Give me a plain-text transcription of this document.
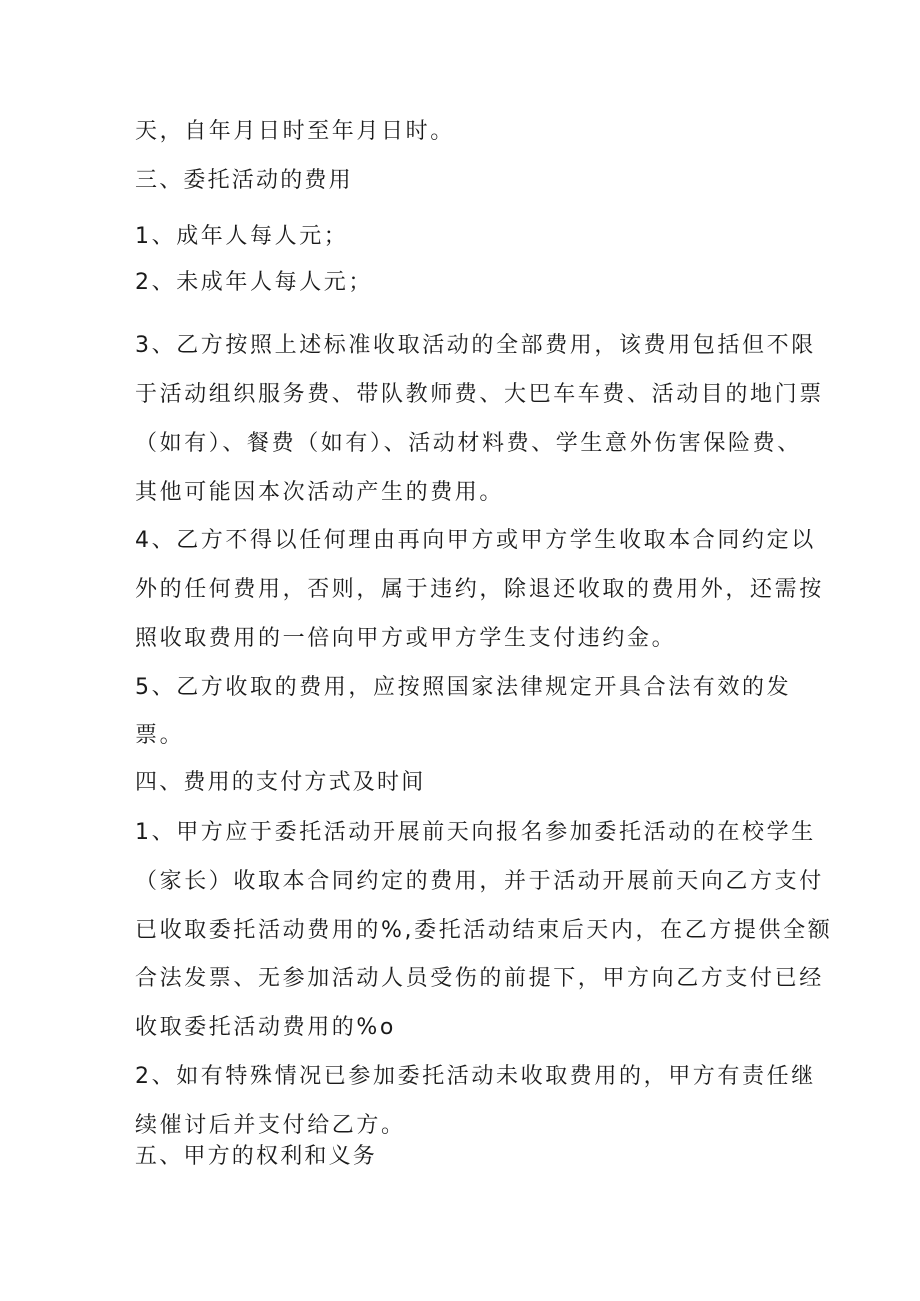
天，自年月日时至年月日时。
三、委托活动的费用
1、成年人每人元；
2、未成年人每人元；
3、乙方按照上述标准收取活动的全部费用，该费用包括但不限
于活动组织服务费、带队教师费、大巴车车费、活动目的地门票
（如有）、餐费（如有）、活动材料费、学生意外伤害保险费、
其他可能因本次活动产生的费用。
4、乙方不得以任何理由再向甲方或甲方学生收取本合同约定以
外的任何费用，否则，属于违约，除退还收取的费用外，还需按
照收取费用的一倍向甲方或甲方学生支付违约金。
5、乙方收取的费用，应按照国家法律规定开具合法有效的发
票。
四、费用的支付方式及时间
1、甲方应于委托活动开展前天向报名参加委托活动的在校学生
（家长）收取本合同约定的费用，并于活动开展前天向乙方支付
已收取委托活动费用的%,委托活动结束后天内，在乙方提供全额
合法发票、无参加活动人员受伤的前提下，甲方向乙方支付已经
收取委托活动费用的%o
2、如有特殊情况已参加委托活动未收取费用的，甲方有责任继
续催讨后并支付给乙方。
五、甲方的权利和义务
